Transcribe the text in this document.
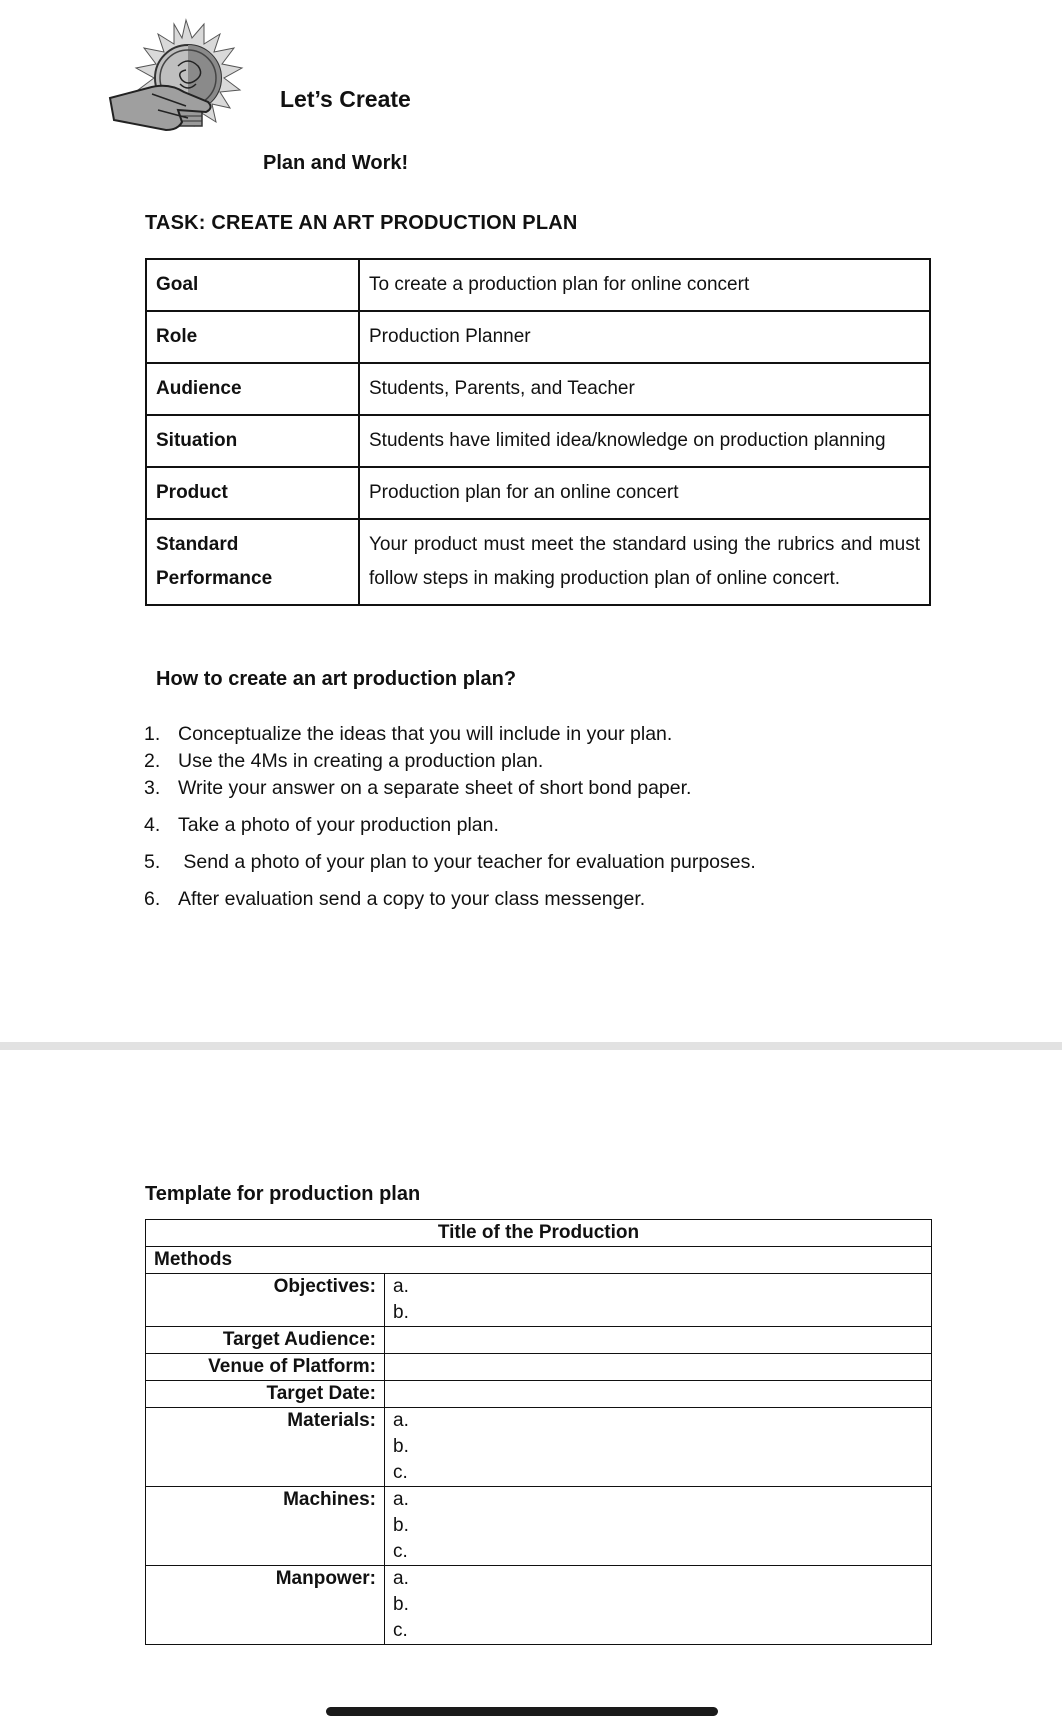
Let’s Create
Plan and Work!
TASK: CREATE AN ART PRODUCTION PLAN
Goal	To create a production plan for online concert
Role	Production Planner
Audience	Students, Parents, and Teacher
Situation	Students have limited idea/knowledge on production planning
Product	Production plan for an online concert
Standard Performance	Your product must meet the standard using the rubrics and must follow steps in making production plan of online concert.
How to create an art production plan?
1. Conceptualize the ideas that you will include in your plan.
2. Use the 4Ms in creating a production plan.
3. Write your answer on a separate sheet of short bond paper.
4. Take a photo of your production plan.
5. Send a photo of your plan to your teacher for evaluation purposes.
6. After evaluation send a copy to your class messenger.
Template for production plan
Title of the Production	
Methods	
Objectives:	a.
b.

Target Audience:	
Venue of Platform:	
Target Date:	
Materials:	a.
b.
c.

Machines:	a.
b.
c.

Manpower:	a.
b.
c.
